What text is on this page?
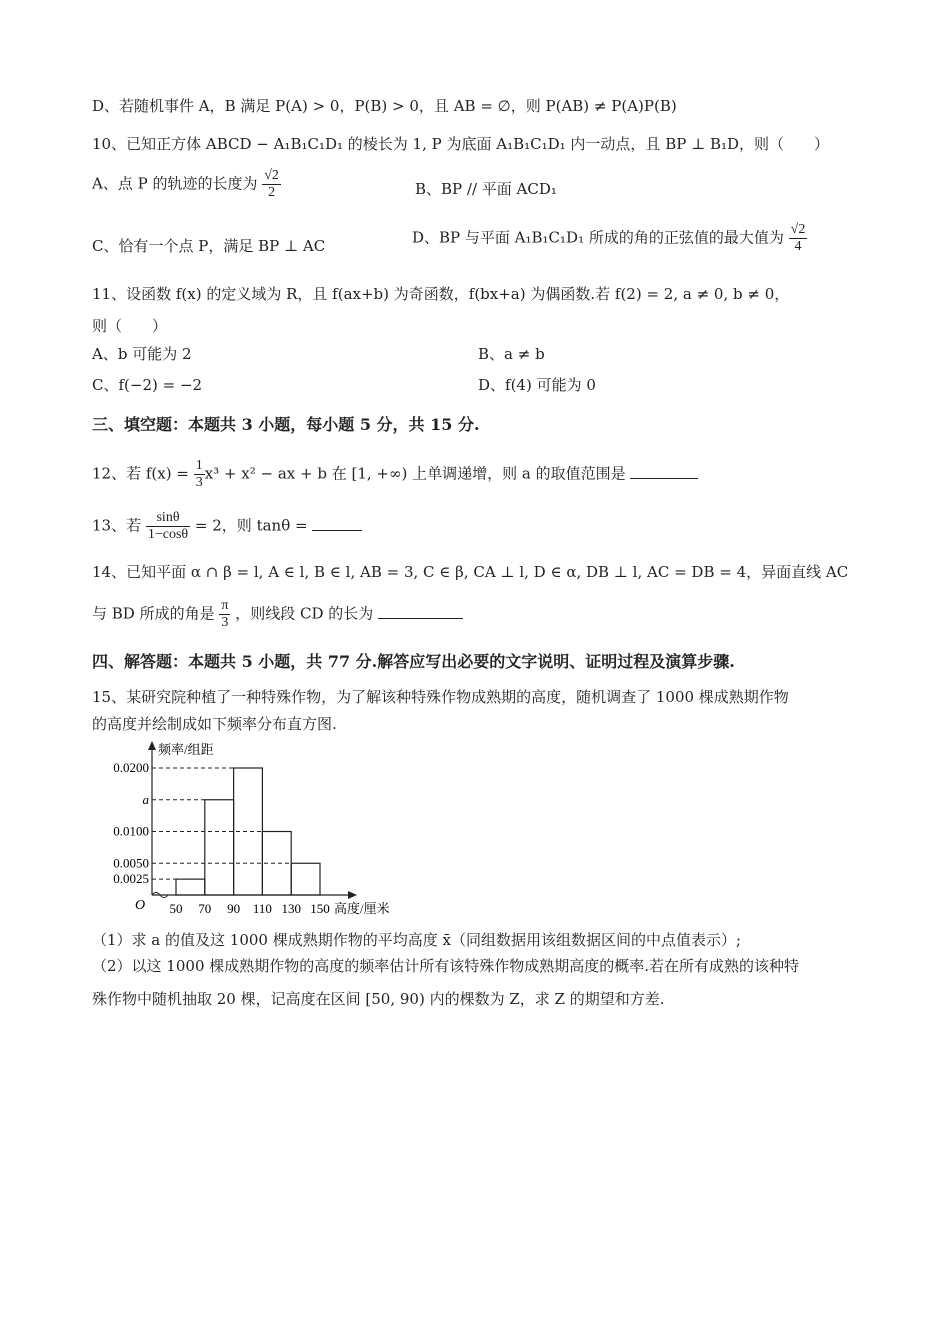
D、若随机事件 A，B 满足 P(A) > 0，P(B) > 0，且 AB = ∅，则 P(AB) ≠ P(A)P(B)
10、已知正方体 ABCD − A₁B₁C₁D₁ 的棱长为 1, P 为底面 A₁B₁C₁D₁ 内一动点，且 BP ⊥ B₁D，则（　　）
A、点 P 的轨迹的长度为 $\frac{√2}{2}$	B、BP // 平面 ACD₁
C、恰有一个点 P，满足 BP ⊥ AC	D、BP 与平面 A₁B₁C₁D₁ 所成的角的正弦值的最大值为 $\frac{√2}{4}$
11、设函数 f(x) 的定义域为 R，且 f(ax+b) 为奇函数，f(bx+a) 为偶函数.若 f(2) = 2, a ≠ 0, b ≠ 0，
则（　　）
A、b 可能为 2	B、a ≠ b
C、f(−2) = −2	D、f(4) 可能为 0
三、填空题：本题共 3 小题，每小题 5 分，共 15 分.
12、若 $f(x) = \frac{1}{3} x^3 + x^2$ − ax + b 在 [1, +∞) 上单调递增，则 a 的取值范围是
13、若 $\frac{\sin\theta}{1-\cos\theta} = 2$，则 tanθ =
14、已知平面 α ∩ β = l, A ∈ l, B ∈ l, AB = 3, C ∈ β, CA ⊥ l, D ∈ α, DB ⊥ l, AC = DB = 4，异面直线 AC
与 BD 所成的角是 $\frac{\pi}{3}$ ，则线段 CD 的长为
四、解答题：本题共 5 小题，共 77 分.解答应写出必要的文字说明、证明过程及演算步骤.
15、某研究院种植了一种特殊作物，为了解该种特殊作物成熟期的高度，随机调查了 1000 棵成熟期作物
的高度并绘制成如下频率分布直方图.
0.0025
0.0050
0.0100
a
0.0200
50 70 90 110 130 150 高度/厘米
频率/组距
O
（1）求 a 的值及这 1000 棵成熟期作物的平均高度 x̄（同组数据用该组数据区间的中点值表示）;
（2）以这 1000 棵成熟期作物的高度的频率估计所有该特殊作物成熟期高度的概率.若在所有成熟的该种特
殊作物中随机抽取 20 棵，记高度在区间 [50, 90) 内的棵数为 Z，求 Z 的期望和方差.
